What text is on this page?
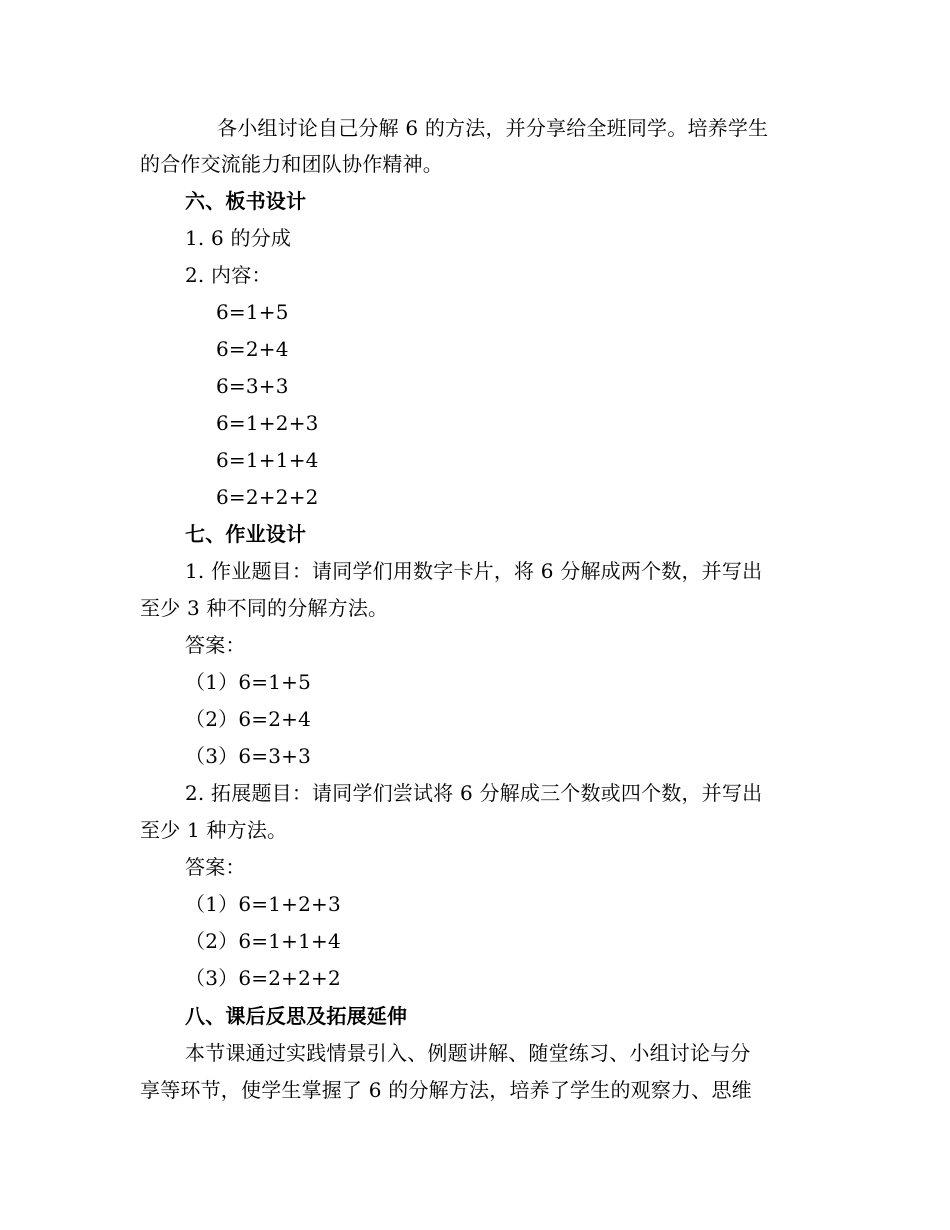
各小组讨论自己分解 6 的方法，并分享给全班同学。培养学生
的合作交流能力和团队协作精神。
六、板书设计
1. 6 的分成
2. 内容：
6=1+5
6=2+4
6=3+3
6=1+2+3
6=1+1+4
6=2+2+2
七、作业设计
1. 作业题目：请同学们用数字卡片，将 6 分解成两个数，并写出
至少 3 种不同的分解方法。
答案：
（1）6=1+5
（2）6=2+4
（3）6=3+3
2. 拓展题目：请同学们尝试将 6 分解成三个数或四个数，并写出
至少 1 种方法。
答案：
（1）6=1+2+3
（2）6=1+1+4
（3）6=2+2+2
八、课后反思及拓展延伸
本节课通过实践情景引入、例题讲解、随堂练习、小组讨论与分
享等环节，使学生掌握了 6 的分解方法，培养了学生的观察力、思维
